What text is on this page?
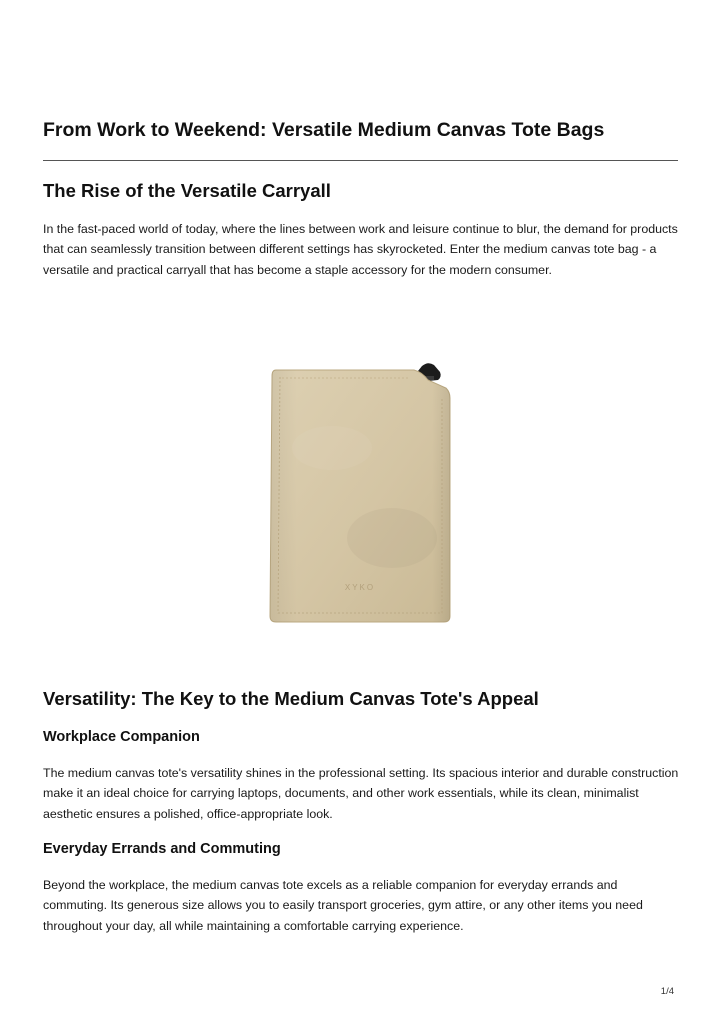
From Work to Weekend: Versatile Medium Canvas Tote Bags
The Rise of the Versatile Carryall

In the fast-paced world of today, where the lines between work and leisure continue to blur, the demand for products that can seamlessly transition between different settings has skyrocketed. Enter the medium canvas tote bag - a versatile and practical carryall that has become a staple accessory for the modern consumer.

XYKO
Versatility: The Key to the Medium Canvas Tote's Appeal
Workplace Companion

The medium canvas tote's versatility shines in the professional setting. Its spacious interior and durable construction make it an ideal choice for carrying laptops, documents, and other work essentials, while its clean, minimalist aesthetic ensures a polished, office-appropriate look.

Everyday Errands and Commuting

Beyond the workplace, the medium canvas tote excels as a reliable companion for everyday errands and commuting. Its generous size allows you to easily transport groceries, gym attire, or any other items you need throughout your day, all while maintaining a comfortable carrying experience.

1/4
